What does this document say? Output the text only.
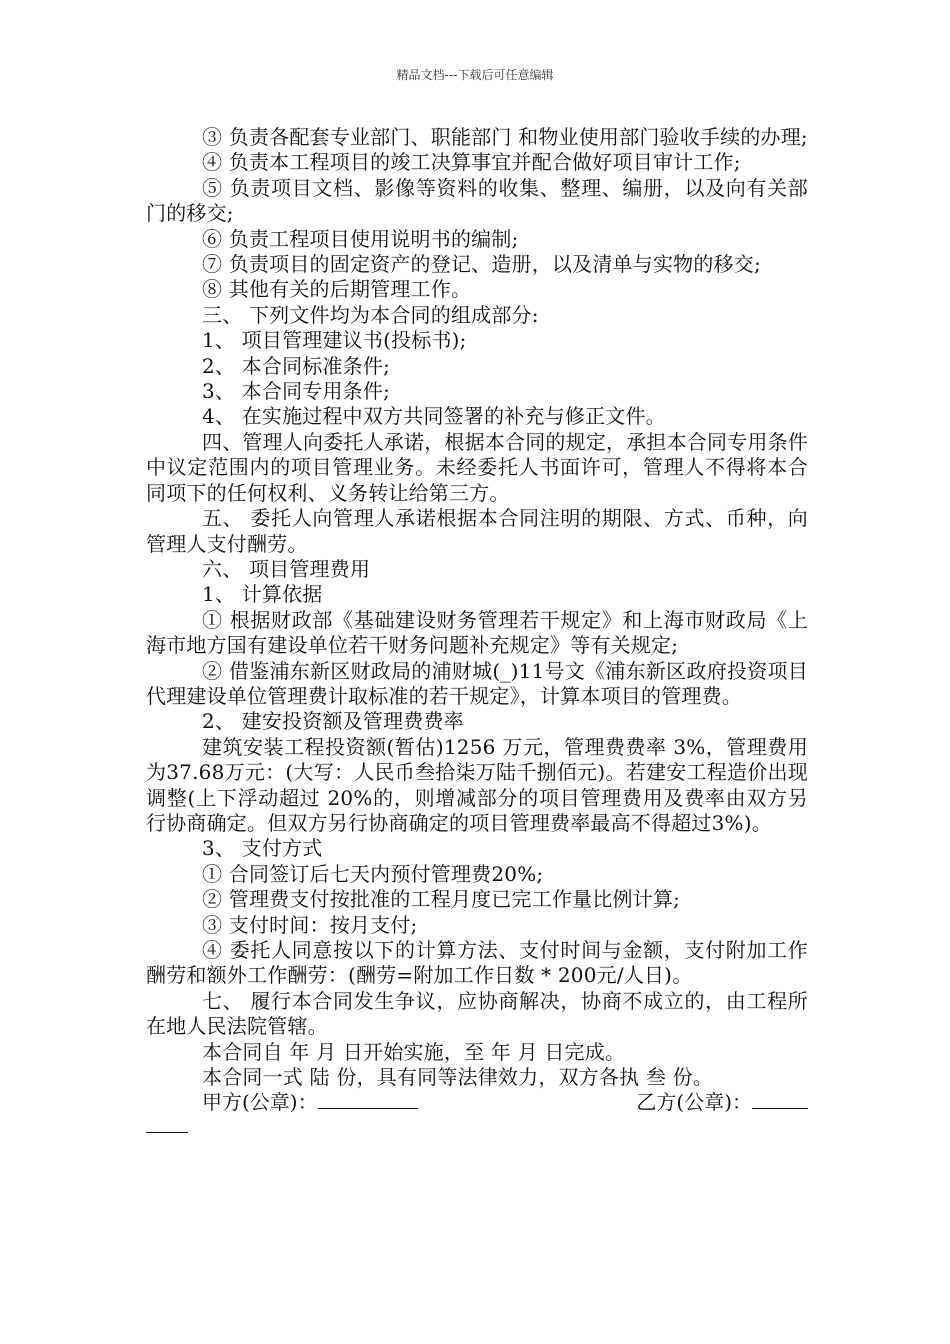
精品文档---下载后可任意编辑

③ 负责各配套专业部门、职能部门 和物业使用部门验收手续的办理;

④ 负责本工程项目的竣工决算事宜并配合做好项目审计工作;

⑤ 负责项目文档、影像等资料的收集、整理、编册，以及向有关部门的移交;

⑥ 负责工程项目使用说明书的编制;

⑦ 负责项目的固定资产的登记、造册，以及清单与实物的移交;

⑧ 其他有关的后期管理工作。

三、 下列文件均为本合同的组成部分:

1、 项目管理建议书(投标书);

2、 本合同标准条件;

3、 本合同专用条件;

4、 在实施过程中双方共同签署的补充与修正文件。

四、管理人向委托人承诺，根据本合同的规定，承担本合同专用条件中议定范围内的项目管理业务。未经委托人书面许可，管理人不得将本合同项下的任何权利、义务转让给第三方。

五、 委托人向管理人承诺根据本合同注明的期限、方式、币种，向管理人支付酬劳。

六、 项目管理费用

1、 计算依据

① 根据财政部《基础建设财务管理若干规定》和上海市财政局《上海市地方国有建设单位若干财务问题补充规定》等有关规定;

② 借鉴浦东新区财政局的浦财城(_)11号文《浦东新区政府投资项目代理建设单位管理费计取标准的若干规定》，计算本项目的管理费。

2、 建安投资额及管理费费率

建筑安装工程投资额(暂估)1256 万元，管理费费率 3%，管理费用为37.68万元：(大写：人民币叁拾柒万陆千捌佰元)。若建安工程造价出现调整(上下浮动超过 20%的，则增减部分的项目管理费用及费率由双方另行协商确定。但双方另行协商确定的项目管理费率最高不得超过3%)。

3、 支付方式

① 合同签订后七天内预付管理费20%;

② 管理费支付按批准的工程月度已完工作量比例计算;

③ 支付时间：按月支付;

④ 委托人同意按以下的计算方法、支付时间与金额，支付附加工作酬劳和额外工作酬劳：(酬劳=附加工作日数 * 200元/人日)。

七、 履行本合同发生争议，应协商解决，协商不成立的，由工程所在地人民法院管辖。

本合同自 年 月 日开始实施，至 年 月 日完成。

本合同一式 陆 份，具有同等法律效力，双方各执 叁 份。

甲方(公章)：	乙方(公章)：
